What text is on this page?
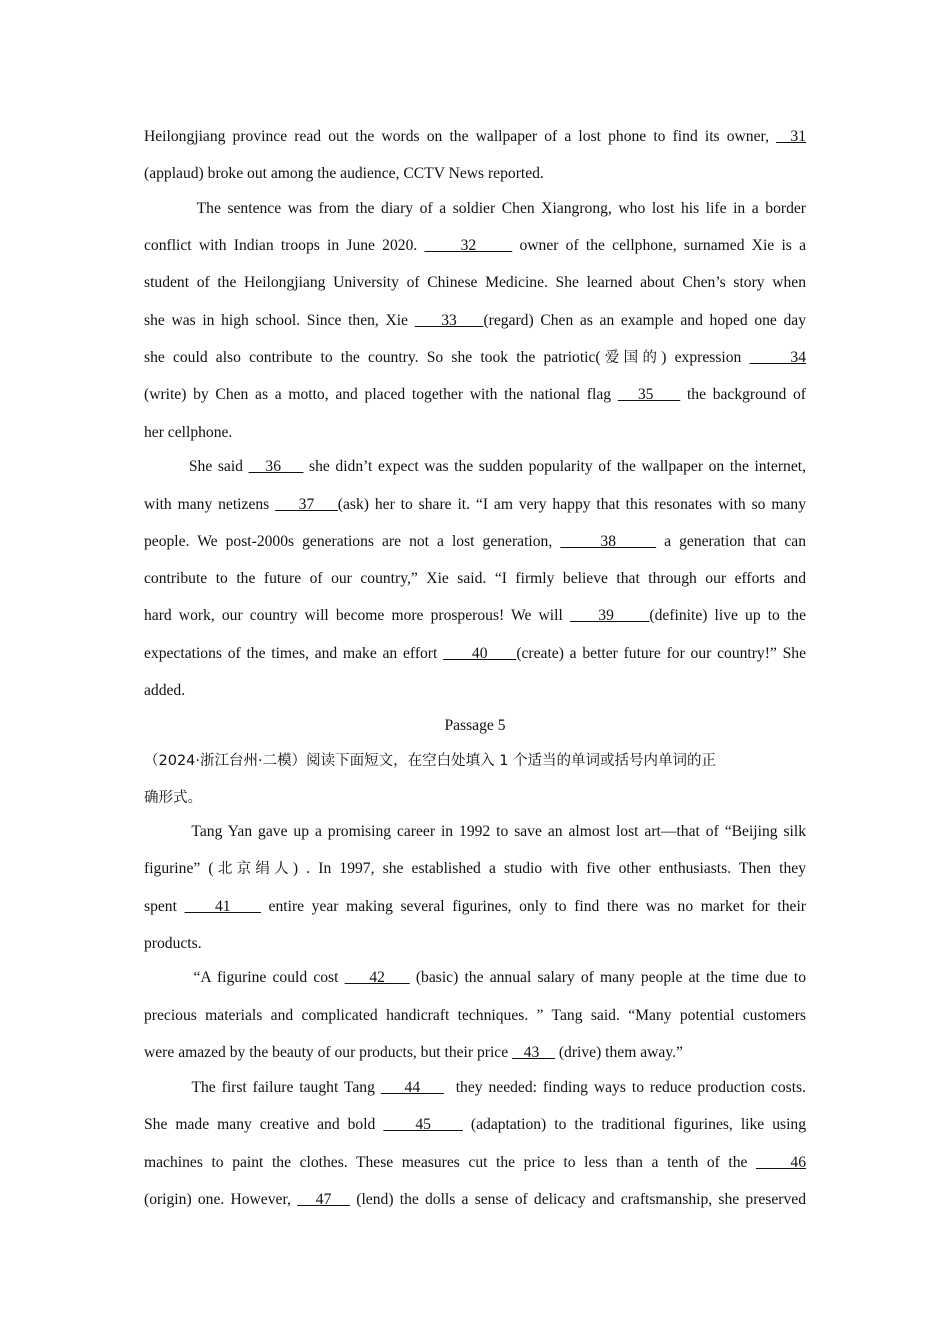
Heilongjiang province read out the words on the wallpaper of a lost phone to find its owner,   31
(applaud) broke out among the audience, CCTV News reported.
The sentence was from the diary of a soldier Chen Xiangrong, who lost his life in a border
conflict with Indian troops in June 2020.      32      owner of the cellphone, surnamed Xie is a
student of the Heilongjiang University of Chinese Medicine. She learned about Chen’s story when
she was in high school. Since then, Xie     33    (regard) Chen as an example and hoped one day
she could also contribute to the country. So she took the patriotic(爱国的) expression      34
(write) by Chen as a motto, and placed together with the national flag    35     the background of
her cellphone.
She said    36     she didn’t expect was the sudden popularity of the wallpaper on the internet,
with many netizens     37    (ask) her to share it. “I am very happy that this resonates with so many
people. We post-2000s generations are not a lost generation,      38      a generation that can
contribute to the future of our country,” Xie said. “I firmly believe that through our efforts and
hard work, our country will become more prosperous! We will     39     (definite) live up to the
expectations of the times, and make an effort      40     (create) a better future for our country!” She
added.
Passage 5
（2024·浙江台州·二模）阅读下面短文，在空白处填入 1 个适当的单词或括号内单词的正
确形式。
Tang Yan gave up a promising career in 1992 to save an almost lost art—that of “Beijing silk
figurine” (北京绢人) . In 1997, she established a studio with five other enthusiasts. Then they
spent     41     entire year making several figurines, only to find there was no market for their
products.
“A figurine could cost     42     (basic) the annual salary of many people at the time due to
precious materials and complicated handicraft techniques. ” Tang said. “Many potential customers
were amazed by the beauty of our products, but their price    43     (drive) them away.”
The first failure taught Tang     44      they needed: finding ways to reduce production costs.
She made many creative and bold     45     (adaptation) to the traditional figurines, like using
machines to paint the clothes. These measures cut the price to less than a tenth of the     46
(origin) one. However,    47    (lend) the dolls a sense of delicacy and craftsmanship, she preserved
